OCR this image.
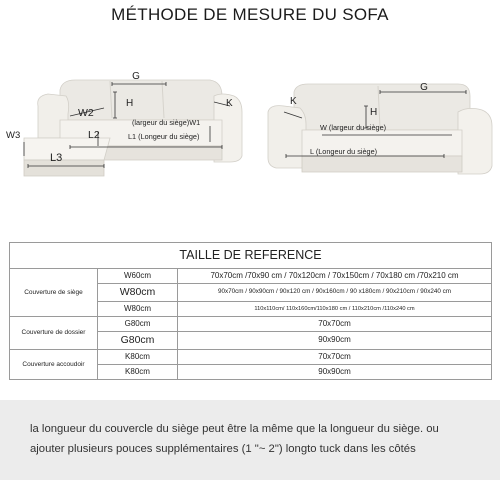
MÉTHODE DE MESURE DU SOFA
G
H	K
W2
(largeur du siège)W1
L1 (Longeur du siège)
L2
W3
L3
G
H
K
W (largeur du siège)
L (Longeur du siège)
TAILLE DE REFERENCE		
Couverture de siège	W60cm	70x70cm /70x90 cm / 70x120cm / 70x150cm / 70x180 cm /70x210 cm
	W80cm	90x70cm / 90x90cm / 90x120 cm / 90x160cm / 90 x180cm / 90x210cm / 90x240 cm
	W80cm	110x110cm/ 110x160cm/110x180 cm / 110x210cm /110x240 cm
Couverture de dossier	G80cm	70x70cm
	G80cm	90x90cm
Couverture accoudoir	K80cm	70x70cm
	K80cm	90x90cm

la longueur du couvercle du siège peut être la même que la longueur du siège. ou ajouter plusieurs pouces supplémentaires (1 "~ 2") longto tuck dans les côtés
